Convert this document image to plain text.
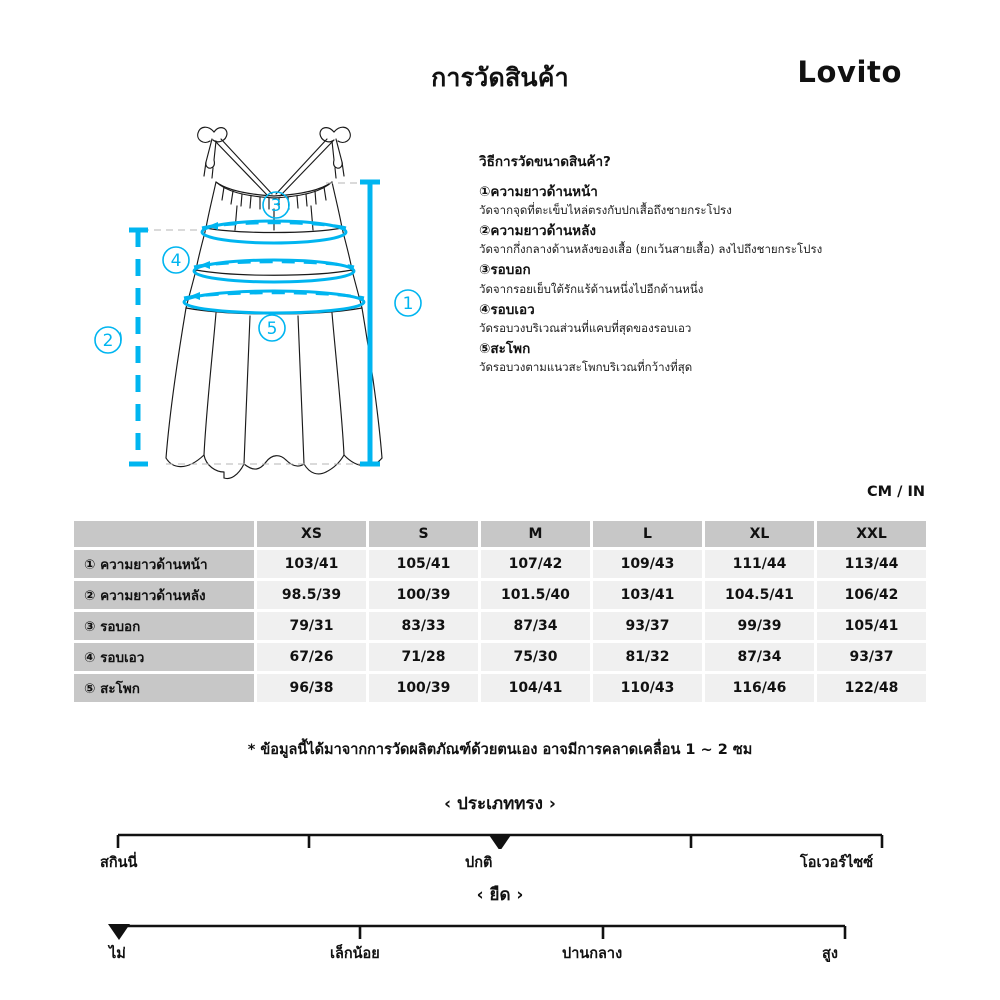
การวัดสินค้า	Lovito
1
3
4
5
2
วิธีการวัดขนาดสินค้า?
①ความยาวด้านหน้า
วัดจากจุดที่ตะเข็บไหล่ตรงกับปกเสื้อถึงชายกระโปรง
②ความยาวด้านหลัง
วัดจากกึ่งกลางด้านหลังของเสื้อ (ยกเว้นสายเสื้อ) ลงไปถึงชายกระโปรง
③รอบอก
วัดจากรอยเย็บใต้รักแร้ด้านหนึ่งไปอีกด้านหนึ่ง
④รอบเอว
วัดรอบวงบริเวณส่วนที่แคบที่สุดของรอบเอว
⑤สะโพก
วัดรอบวงตามแนวสะโพกบริเวณที่กว้างที่สุด
CM / IN
	XS	S	M	L	XL	XXL
① ความยาวด้านหน้า	103/41	105/41	107/42	109/43	111/44	113/44
② ความยาวด้านหลัง	98.5/39	100/39	101.5/40	103/41	104.5/41	106/42
③ รอบอก	79/31	83/33	87/34	93/37	99/39	105/41
④ รอบเอว	67/26	71/28	75/30	81/32	87/34	93/37
⑤ สะโพก	96/38	100/39	104/41	110/43	116/46	122/48
* ข้อมูลนี้ได้มาจากการวัดผลิตภัณฑ์ด้วยตนเอง อาจมีการคลาดเคลื่อน 1 ~ 2 ซม
‹ ประเภททรง ›
สกินนี่	ปกติ	โอเวอร์ไซซ์
‹ ยืด ›
ไม่	เล็กน้อย	ปานกลาง	สูง
